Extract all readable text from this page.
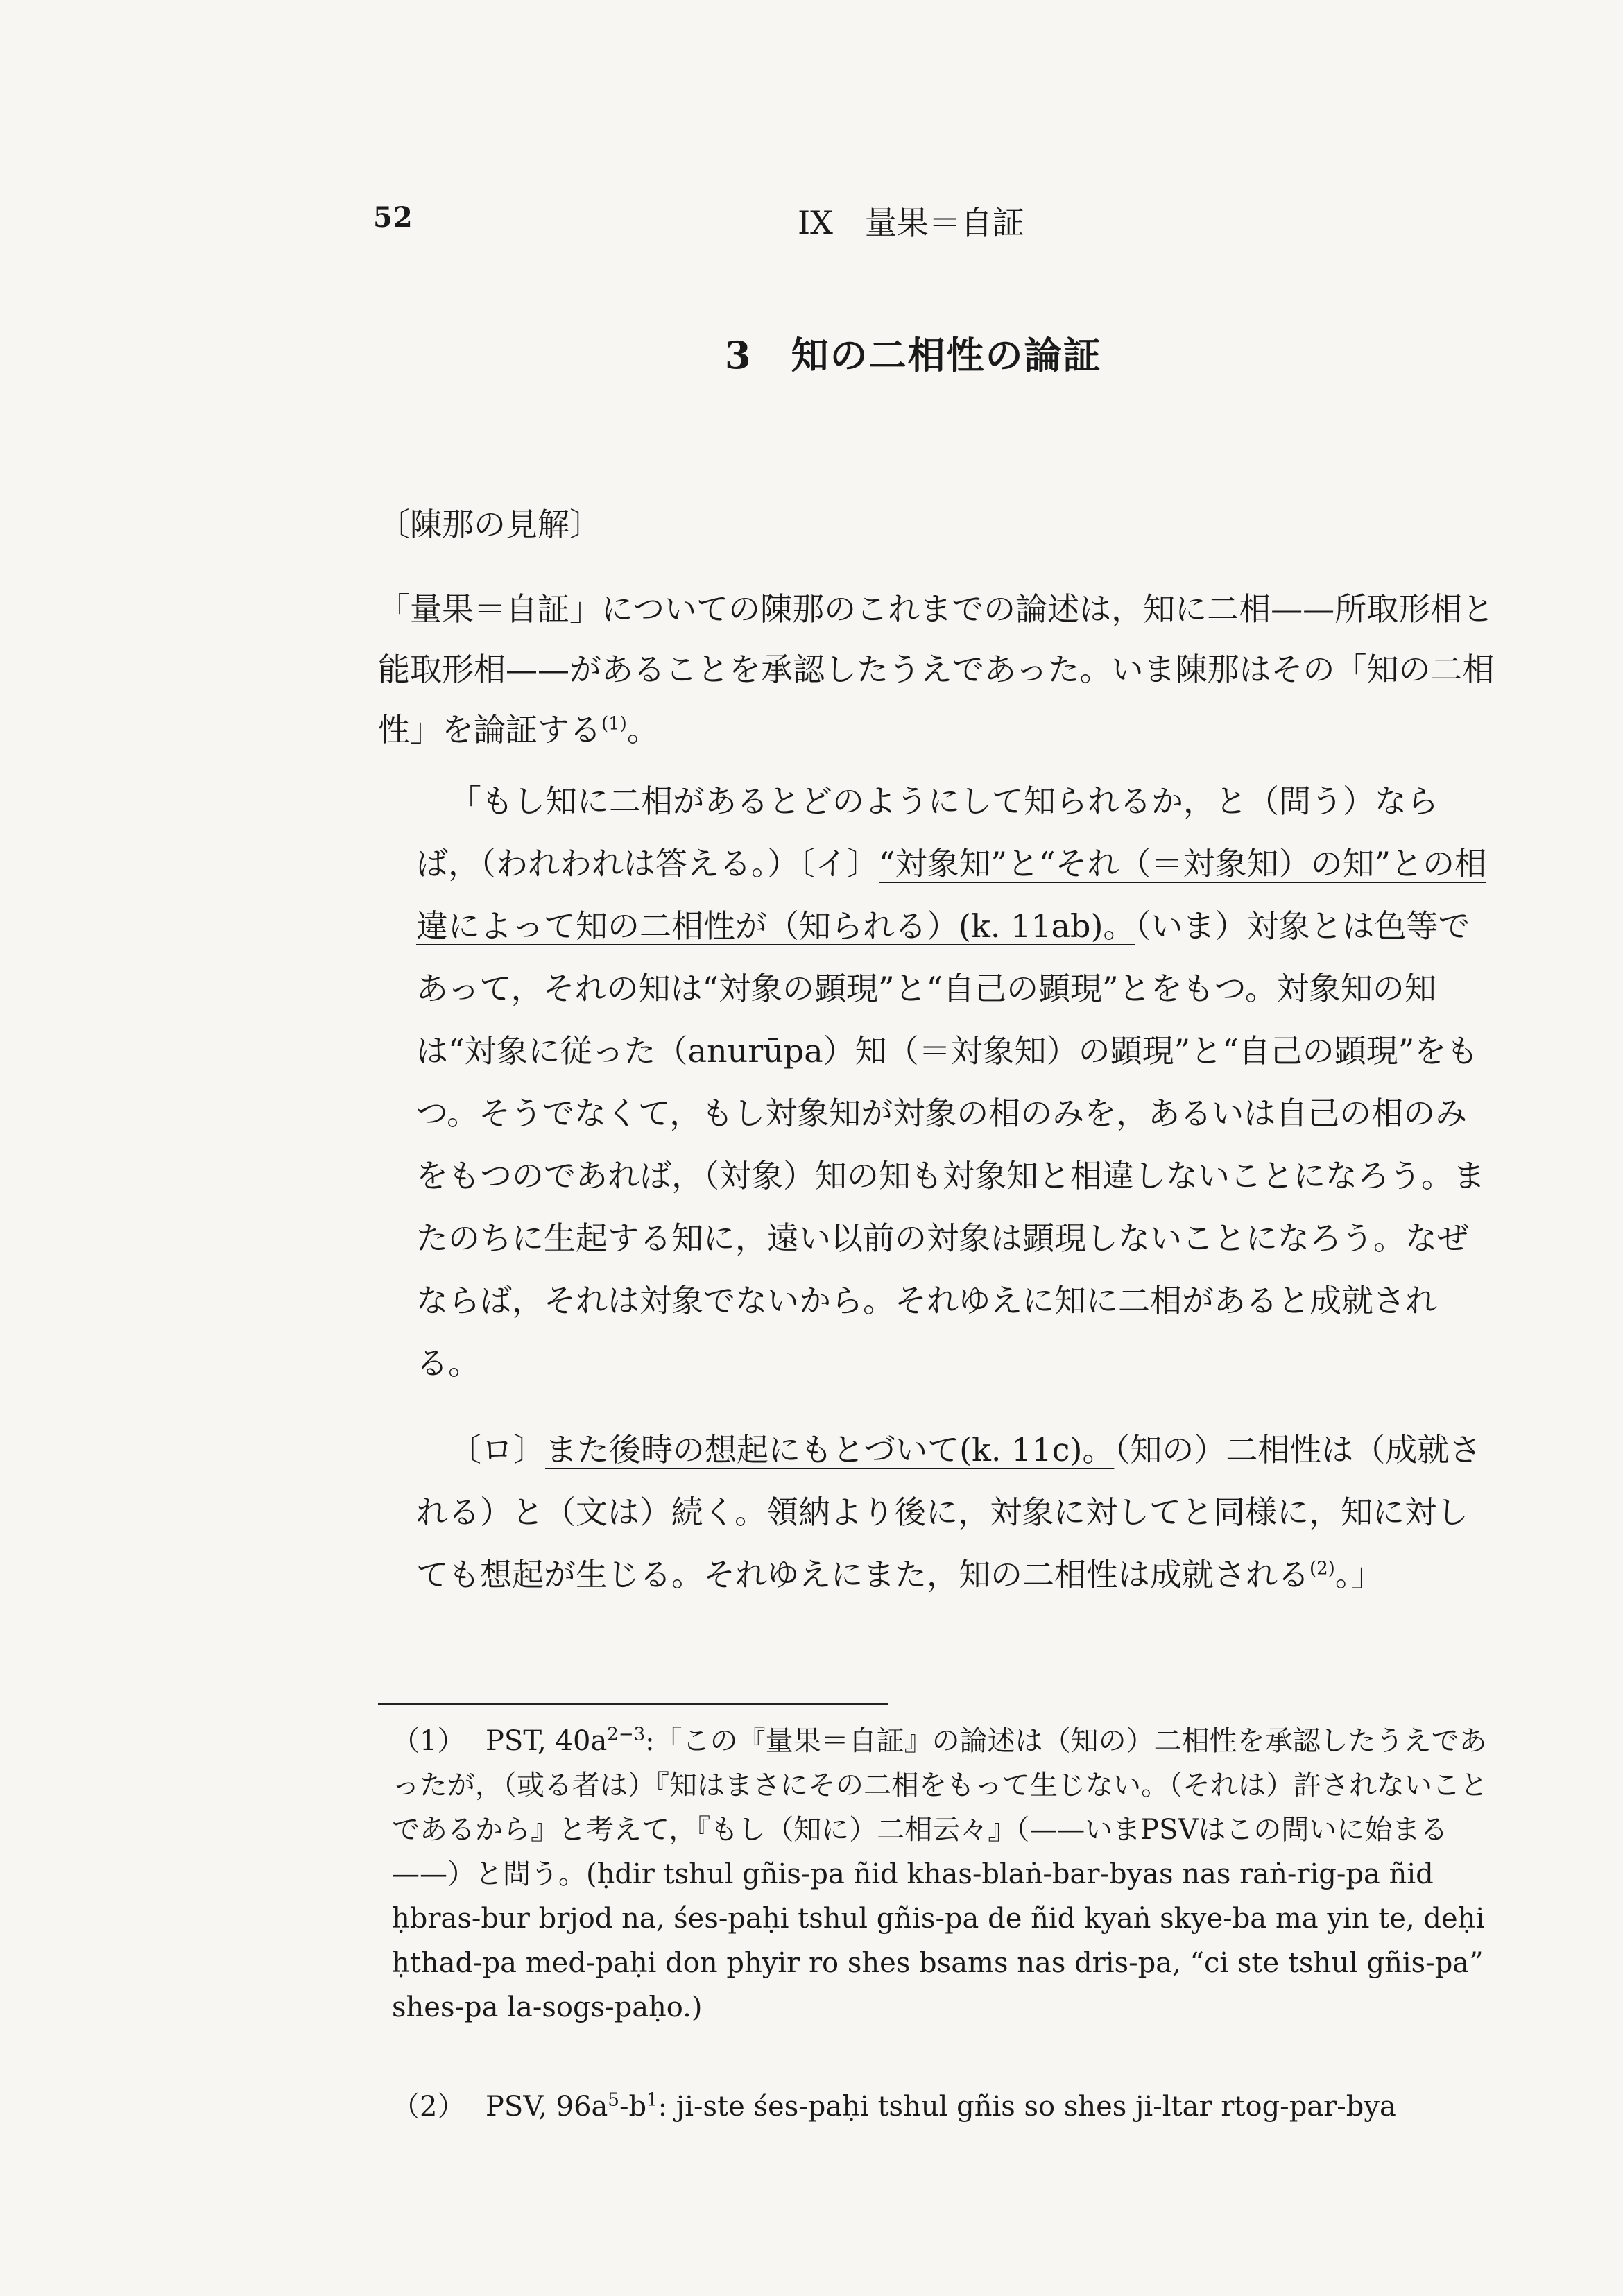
52	IX　量果＝自証
3　知の二相性の論証
〔陳那の見解〕

「量果＝自証」についての陳那のこれまでの論述は，知に二相——所取形相と能取形相——があることを承認したうえであった。いま陳那はその「知の二相性」を論証する$^{(1)}$。

「もし知に二相があるとどのようにして知られるか，と（問う）ならば，（われわれは答える。）〔イ〕“対象知”と“それ（＝対象知）の知”との相違によって知の二相性が（知られる）(k. 11ab)。（いま）対象とは色等であって，それの知は“対象の顕現”と“自己の顕現”とをもつ。対象知の知は“対象に従った（anurūpa）知（＝対象知）の顕現”と“自己の顕現”をもつ。そうでなくて，もし対象知が対象の相のみを，あるいは自己の相のみをもつのであれば，（対象）知の知も対象知と相違しないことになろう。またのちに生起する知に，遠い以前の対象は顕現しないことになろう。なぜならば，それは対象でないから。それゆえに知に二相があると成就される。

〔ロ〕また後時の想起にもとづいて(k. 11c)。（知の）二相性は（成就される）と（文は）続く。領納より後に，対象に対してと同様に，知に対しても想起が生じる。それゆえにまた，知の二相性は成就される$^{(2)}$。」

（1） PST, $40a^{2-3}$:「この『量果＝自証』の論述は（知の）二相性を承認したうえであったが，（或る者は）『知はまさにその二相をもって生じない。（それは）許されないことであるから』と考えて，『もし（知に）二相云々』（——いまPSVはこの問いに始まる——）と問う。(ḥdir tshul gñis-pa ñid khas-blaṅ-bar-byas nas raṅ-rig-pa ñid ḥbras-bur brjod na, śes-paḥi tshul gñis-pa de ñid kyaṅ skye-ba ma yin te, deḥi ḥthad-pa med-paḥi don phyir ro shes bsams nas dris-pa, “ci ste tshul gñis-pa” shes-pa la-sogs-paḥo.)

（2） PSV, $96a^5-b^1$: ji-ste śes-paḥi tshul gñis so shes ji-ltar rtog-par-bya
